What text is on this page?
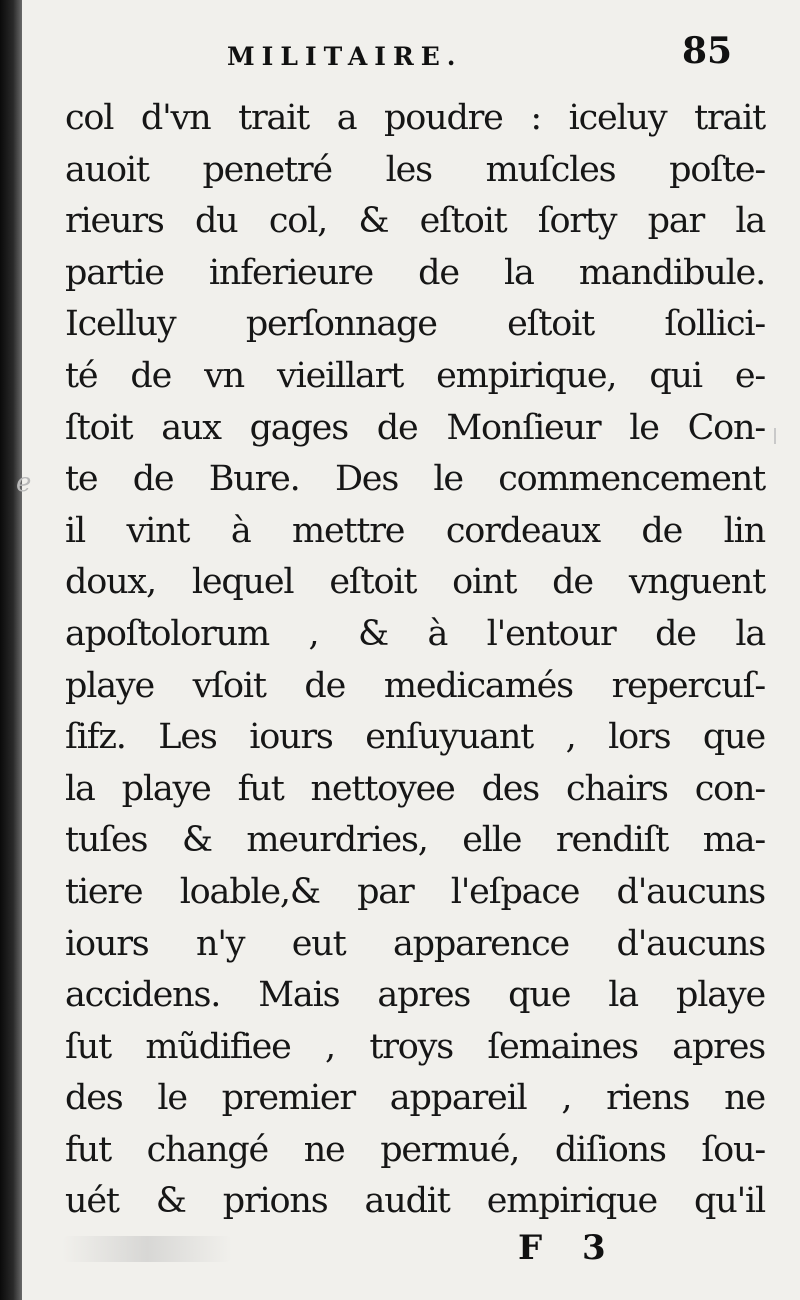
MILITAIRE.	85
e
col d'vn trait a poudre : iceluy trait
auoit penetré les muſcles poſte-
rieurs du col, & eſtoit ſorty par la
partie inferieure de la mandibule.
Icelluy perſonnage eſtoit ſollici-
té de vn vieillart empirique, qui e-
ſtoit aux gages de Monſieur le Con-
te de Bure. Des le commencement
il vint à mettre cordeaux de lin
doux, lequel eſtoit oint de vnguent
apoſtolorum , & à l'entour de la
playe vſoit de medicamés repercuſ-
ſifz. Les iours enſuyuant , lors que
la playe fut nettoyee des chairs con-
tuſes & meurdries, elle rendiſt ma-
tiere loable,& par l'eſpace d'aucuns
iours n'y eut apparence d'aucuns
accidens. Mais apres que la playe
ſut mũdifiee , troys ſemaines apres
des le premier appareil , riens ne
fut changé ne permué, diſions ſou-
uét & prions audit empirique qu'il
F 3
